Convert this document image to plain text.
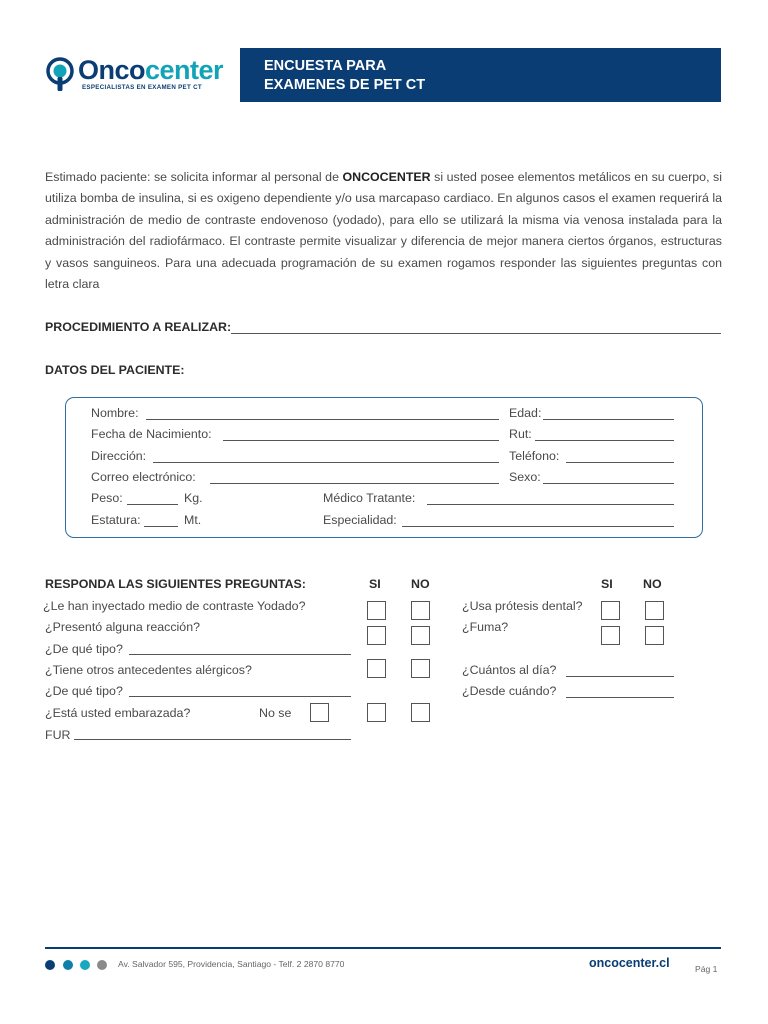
Oncocenter
ESPECIALISTAS EN EXAMEN PET CT
ENCUESTA PARA
EXAMENES DE PET CT
Estimado paciente: se solicita informar al personal de ONCOCENTER si usted posee elementos metálicos en su cuerpo, si utiliza bomba de insulina, si es oxigeno dependiente y/o usa marcapaso cardiaco. En algunos casos el examen requerirá la administración de medio de contraste endovenoso (yodado), para ello se utilizará la misma via venosa instalada para la administración del radiofármaco. El contraste permite visualizar y diferencia de mejor manera ciertos órganos, estructuras y vasos sanguineos. Para una adecuada programación de su examen rogamos responder las siguientes preguntas con letra clara
PROCEDIMIENTO A REALIZAR:
DATOS DEL PACIENTE:
Nombre:	Edad:
Fecha de Nacimiento:	Rut:
Dirección:	Teléfono:
Correo electrónico:	Sexo:
Peso:	Kg.	Médico Tratante:
Estatura:	Mt.	Especialidad:
RESPONDA LAS SIGUIENTES PREGUNTAS:	SI NO	SI NO
¿Le han inyectado medio de contraste Yodado?
¿Presentó alguna reacción?
¿De qué tipo?
¿Tiene otros antecedentes alérgicos?
¿De qué tipo?
¿Está usted embarazada?	No se
FUR
¿Usa prótesis dental?
¿Fuma?
¿Cuántos al día?
¿Desde cuándo?
Av. Salvador 595, Providencia, Santiago - Telf. 2 2870 8770	oncocenter.cl	Pág 1
